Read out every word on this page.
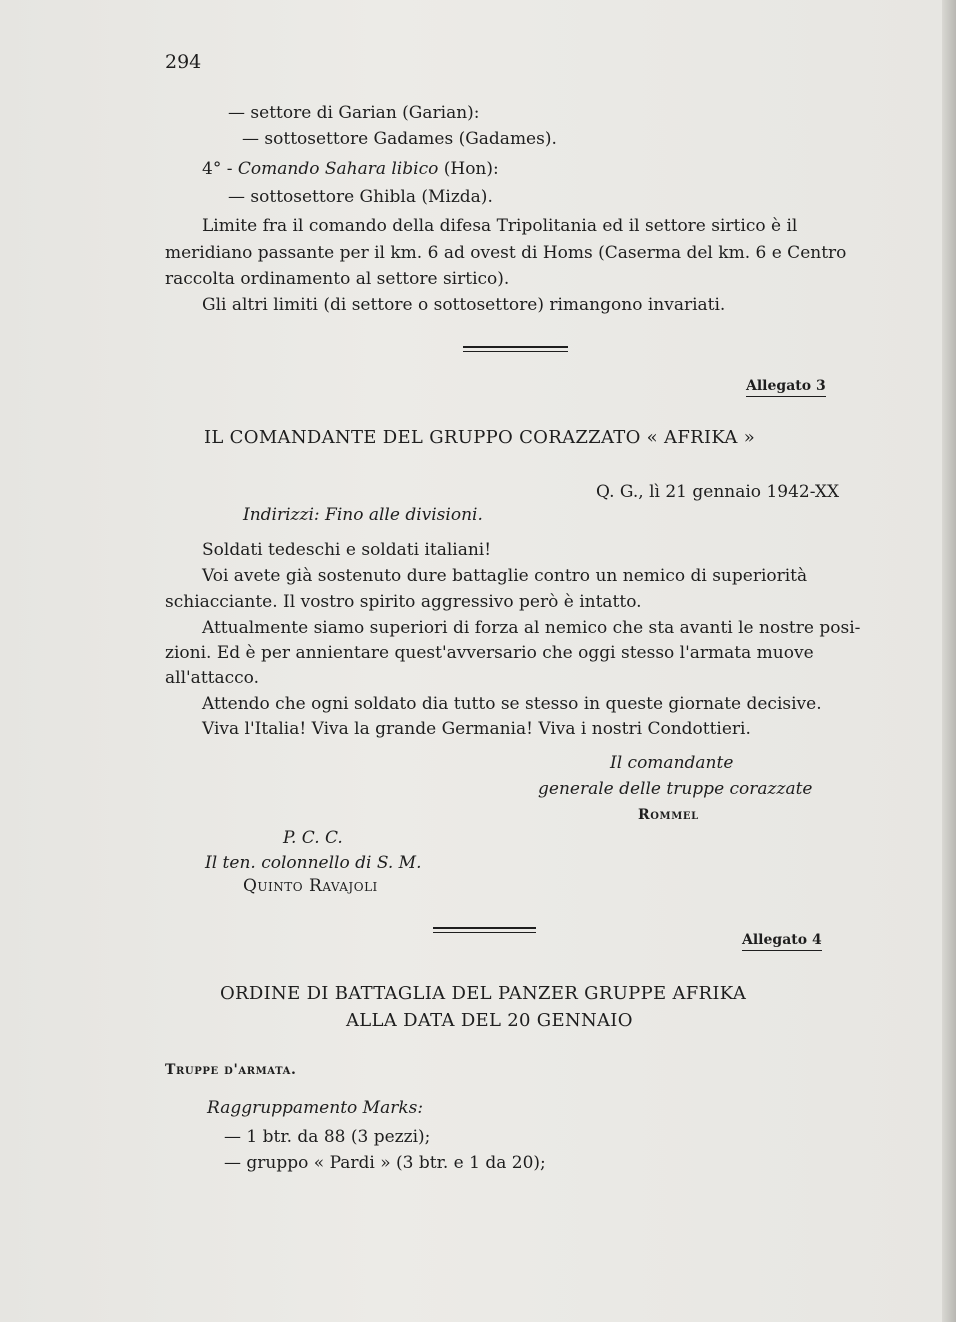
294
— settore di Garian (Garian):
— sottosettore Gadames (Gadames).
4° - Comando Sahara libico (Hon):
— sottosettore Ghibla (Mizda).
Limite fra il comando della difesa Tripolitania ed il settore sirtico è il
meridiano passante per il km. 6 ad ovest di Homs (Caserma del km. 6 e Centro
raccolta ordinamento al settore sirtico).
Gli altri limiti (di settore o sottosettore) rimangono invariati.
Allegato 3
IL COMANDANTE DEL GRUPPO CORAZZATO « AFRIKA »
Q. G., lì 21 gennaio 1942-XX
Indirizzi: Fino alle divisioni.
Soldati tedeschi e soldati italiani!
Voi avete già sostenuto dure battaglie contro un nemico di superiorità
schiacciante. Il vostro spirito aggressivo però è intatto.
Attualmente siamo superiori di forza al nemico che sta avanti le nostre posi-
zioni. Ed è per annientare quest'avversario che oggi stesso l'armata muove
all'attacco.
Attendo che ogni soldato dia tutto se stesso in queste giornate decisive.
Viva l'Italia! Viva la grande Germania! Viva i nostri Condottieri.
Il comandante
generale delle truppe corazzate
Rommel
P. C. C.
Il ten. colonnello di S. M.
Quinto Ravajoli
Allegato 4
ORDINE DI BATTAGLIA DEL PANZER GRUPPE AFRIKA
ALLA DATA DEL 20 GENNAIO
Truppe d'armata.
Raggruppamento Marks:
— 1 btr. da 88 (3 pezzi);
— gruppo « Pardi » (3 btr. e 1 da 20);
